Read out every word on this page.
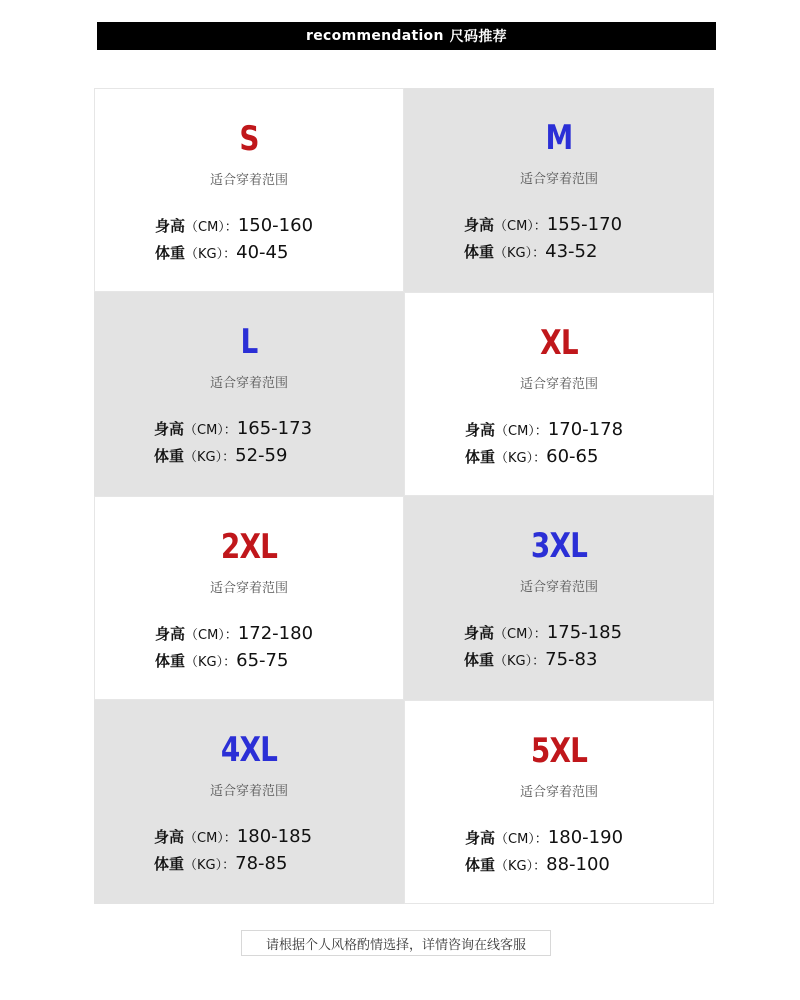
recommendation 尺码推荐
S
适合穿着范围
身高（CM）：150-160
体重（KG）：40-45
M
适合穿着范围
身高（CM）：155-170
体重（KG）：43-52
L
适合穿着范围
身高（CM）：165-173
体重（KG）：52-59
XL
适合穿着范围
身高（CM）：170-178
体重（KG）：60-65
2XL
适合穿着范围
身高（CM）：172-180
体重（KG）：65-75
3XL
适合穿着范围
身高（CM）：175-185
体重（KG）：75-83
4XL
适合穿着范围
身高（CM）：180-185
体重（KG）：78-85
5XL
适合穿着范围
身高（CM）：180-190
体重（KG）：88-100
请根据个人风格酌情选择，详情咨询在线客服
